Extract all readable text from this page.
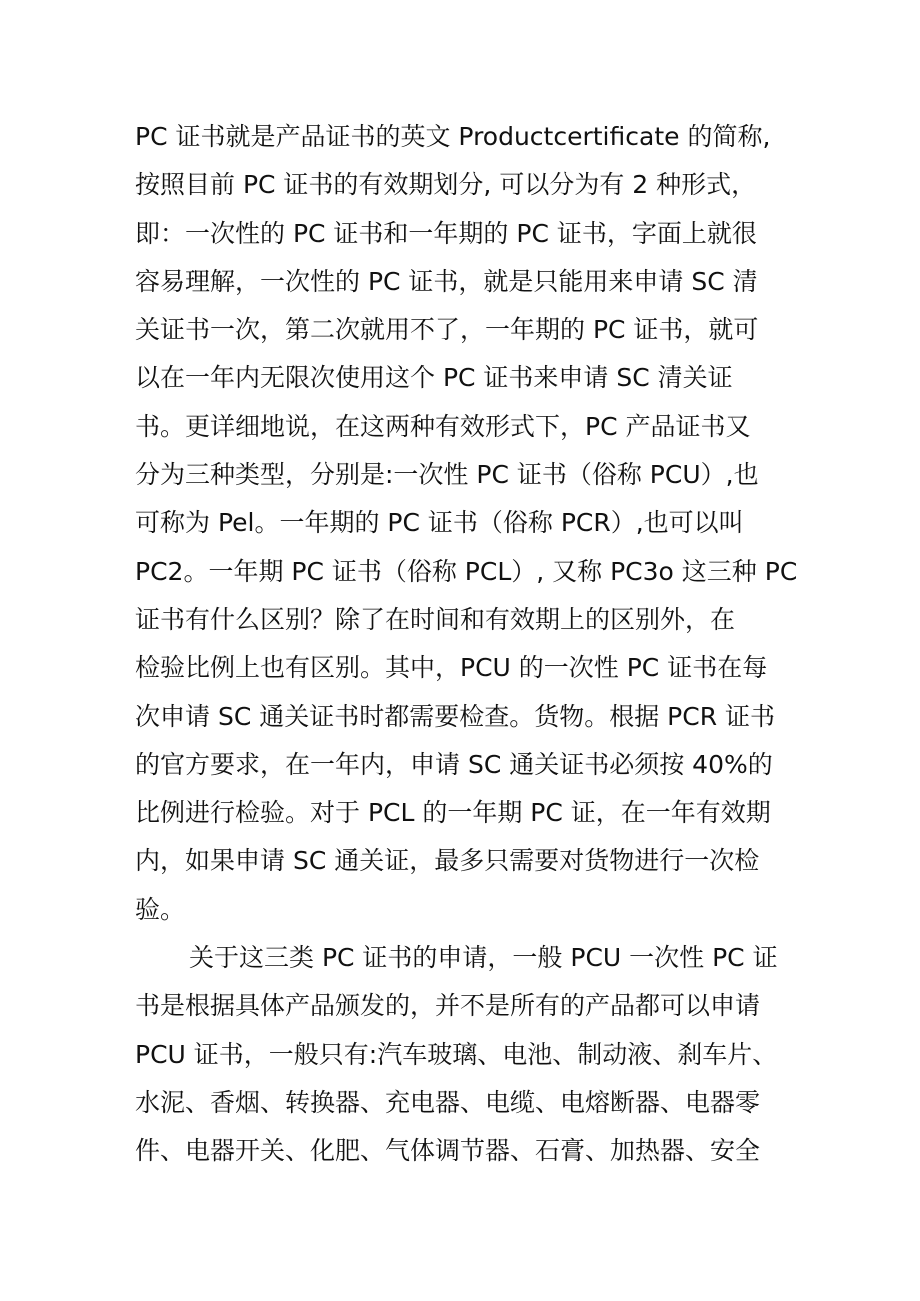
PC 证书就是产品证书的英文 Productcertificate 的简称,
按照目前 PC 证书的有效期划分, 可以分为有 2 种形式，
即：一次性的 PC 证书和一年期的 PC 证书，字面上就很
容易理解，一次性的 PC 证书，就是只能用来申请 SC 清
关证书一次，第二次就用不了，一年期的 PC 证书，就可
以在一年内无限次使用这个 PC 证书来申请 SC 清关证
书。更详细地说，在这两种有效形式下，PC 产品证书又
分为三种类型，分别是:一次性 PC 证书（俗称 PCU）,也
可称为 Pel。一年期的 PC 证书（俗称 PCR）,也可以叫
PC2。一年期 PC 证书（俗称 PCL）, 又称 PC3o 这三种 PC
证书有什么区别？除了在时间和有效期上的区别外，在
检验比例上也有区别。其中，PCU 的一次性 PC 证书在每
次申请 SC 通关证书时都需要检查。货物。根据 PCR 证书
的官方要求，在一年内，申请 SC 通关证书必须按 40%的
比例进行检验。对于 PCL 的一年期 PC 证，在一年有效期
内，如果申请 SC 通关证，最多只需要对货物进行一次检
验。
关于这三类 PC 证书的申请，一般 PCU 一次性 PC 证
书是根据具体产品颁发的，并不是所有的产品都可以申请
PCU 证书，一般只有:汽车玻璃、电池、制动液、刹车片、
水泥、香烟、转换器、充电器、电缆、电熔断器、电器零
件、电器开关、化肥、气体调节器、石膏、加热器、安全
